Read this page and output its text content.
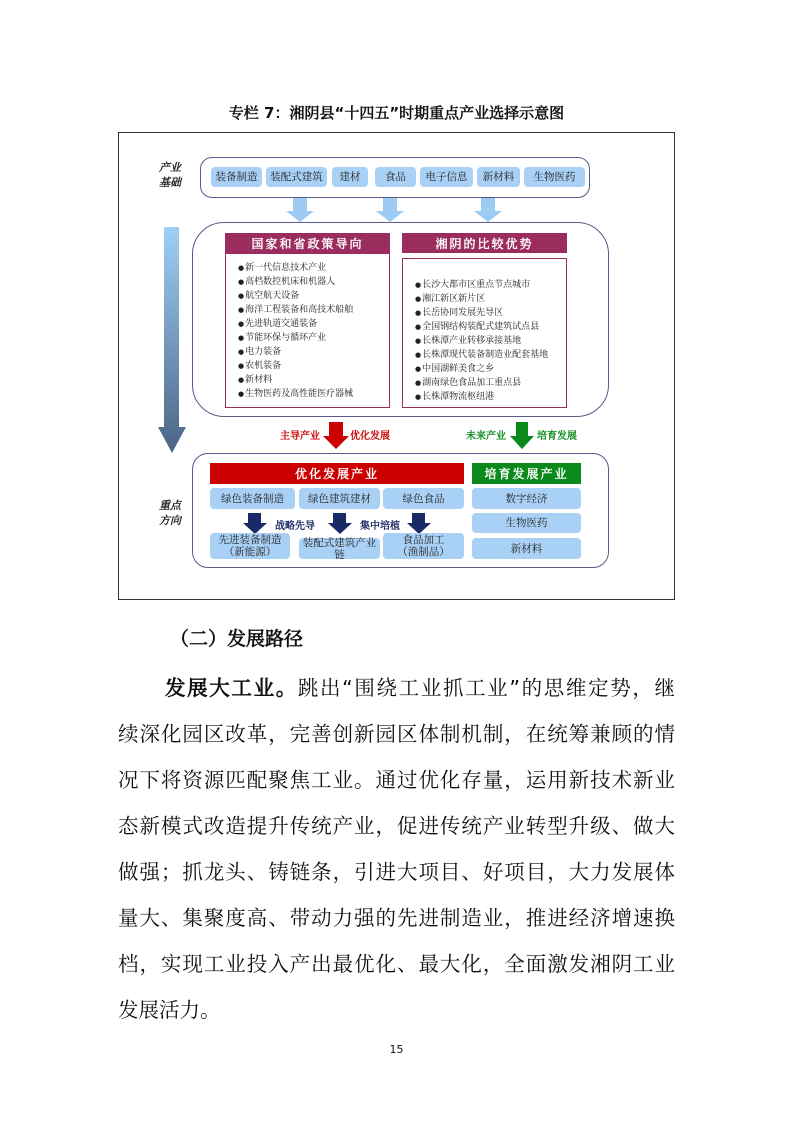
专栏 7：湘阴县“十四五”时期重点产业选择示意图
产业
基础	装备制造	装配式建筑	建材	食品	电子信息	新材料	生物医药
国家和省政策导向
● 新一代信息技术产业
● 高档数控机床和机器人
● 航空航天设备
● 海洋工程装备和高技术船舶
● 先进轨道交通装备
● 节能环保与循环产业
● 电力装备
● 农机装备
● 新材料
● 生物医药及高性能医疗器械
湘阴的比较优势
● 长沙大都市区重点节点城市
● 湘江新区新片区
● 长岳协同发展先导区
● 全国钢结构装配式建筑试点县
● 长株潭产业转移承接基地
● 长株潭现代装备制造业配套基地
● 中国湖鲜美食之乡
● 湖南绿色食品加工重点县
● 长株潭物流枢纽港
主导产业	优化发展	未来产业	培育发展
重点
方向
优化发展产业	培育发展产业
绿色装备制造	绿色建筑建材	绿色食品	数字经济
生物医药
新材料
战略先导	集中培植
先进装备制造
（新能源）
装配式建筑产业链
食品加工
（渔制品）
（二）发展路径
发展大工业。跳出“围绕工业抓工业”的思维定势，继
续深化园区改革，完善创新园区体制机制，在统筹兼顾的情
况下将资源匹配聚焦工业。通过优化存量，运用新技术新业
态新模式改造提升传统产业，促进传统产业转型升级、做大
做强；抓龙头、铸链条，引进大项目、好项目，大力发展体
量大、集聚度高、带动力强的先进制造业，推进经济增速换
档，实现工业投入产出最优化、最大化，全面激发湘阴工业
发展活力。
15
